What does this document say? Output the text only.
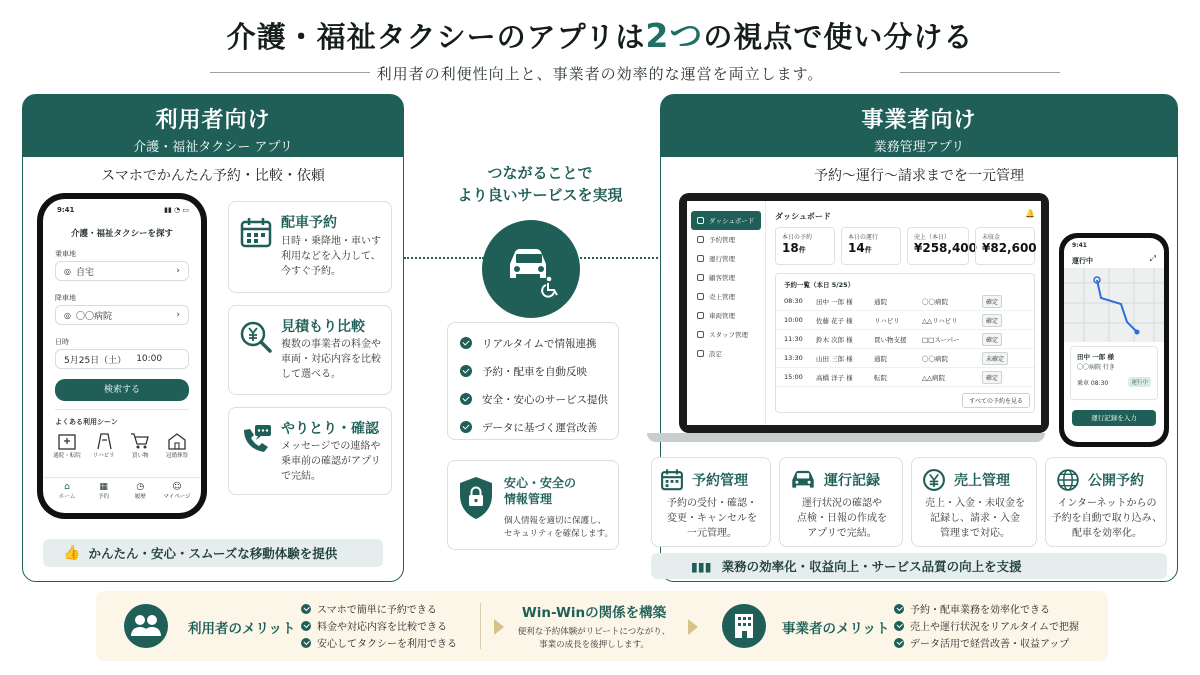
介護・福祉タクシーのアプリは2つの視点で使い分ける
利用者の利便性向上と、事業者の効率的な運営を両立します。
利用者向け
介護・福祉タクシー アプリ
スマホでかんたん予約・比較・依頼
9:41	▮▮ ◔ ▭
介護・福祉タクシーを探す
乗車地
◎ 自宅	›
降車地
◎ 〇〇病院	›
日時
5月25日（土） 10:00
検索する
よくある利用シーン
通院・転院	リハビリ	買い物	冠婚葬祭
⌂
ホーム
▦
予約
◷
履歴
☺
マイページ
配車予約
日時・乗降地・車いす
利用などを入力して、
今すぐ予約。
見積もり比較
複数の事業者の料金や
車両・対応内容を比較
して選べる。
やりとり・確認
メッセージでの連絡や
乗車前の確認がアプリ
で完結。
👍 かんたん・安心・スムーズな移動体験を提供
つながることで
より良いサービスを実現
リアルタイムで情報連携
予約・配車を自動反映
安全・安心のサービス提供
データに基づく運営改善
安心・安全の
情報管理
個人情報を適切に保護し、
セキュリティを確保します。
事業者向け
業務管理アプリ
予約〜運行〜請求までを一元管理
ダッシュボード
予約管理
運行管理
顧客管理
売上管理
車両管理
スタッフ管理
設定
ダッシュボード	🔔
本日の予約
18件
本日の運行
14件
売上（本日）
¥258,400
未収金
¥82,600
予約一覧（本日 5/25）
08:30	田中 一郎 様	通院	〇〇病院	確定
10:00	佐藤 花子 様	リハビリ	△△リハビリ	確定
11:30	鈴木 次郎 様	買い物支援	□□スーパー	確定
13:30	山田 三郎 様	通院	〇〇病院	未確定
15:00	高橋 洋子 様	転院	△△病院	確定
すべての予約を見る
9:41
運行中	⤢
田中 一郎 様
〇〇病院 行き
乗車 08:30	運行中
運行記録を入力
予約管理
予約の受付・確認・
変更・キャンセルを
一元管理。
運行記録
運行状況の確認や
点検・日報の作成を
アプリで完結。
売上管理
売上・入金・未収金を
記録し、請求・入金
管理まで対応。
公開予約
インターネットからの
予約を自動で取り込み、
配車を効率化。
▮▮▮ 業務の効率化・収益向上・サービス品質の向上を支援
利用者のメリット
スマホで簡単に予約できる
料金や対応内容を比較できる
安心してタクシーを利用できる
Win-Winの関係を構築
便利な予約体験がリピートにつながり、
事業の成長を後押しします。
事業者のメリット
予約・配車業務を効率化できる
売上や運行状況をリアルタイムで把握
データ活用で経営改善・収益アップ
